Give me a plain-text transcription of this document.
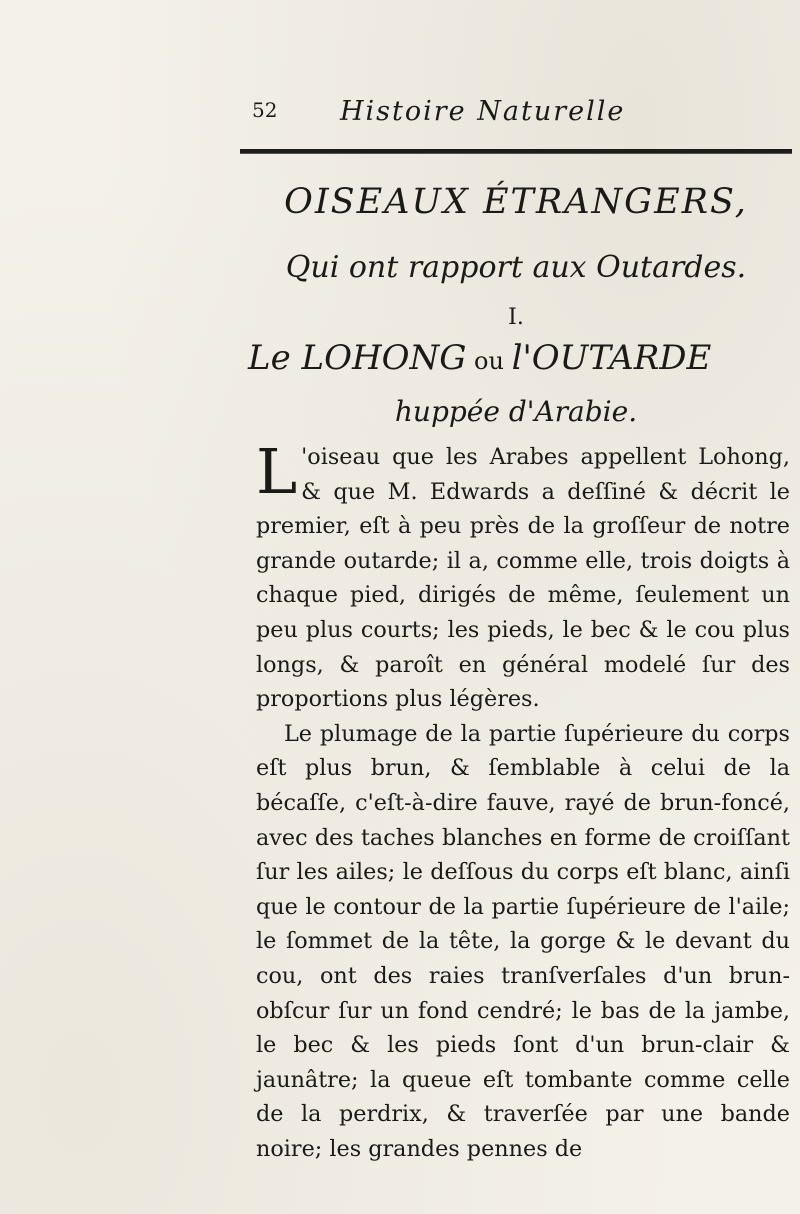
52 Histoire Naturelle
OISEAUX ÉTRANGERS,
Qui ont rapport aux Outardes.
I.
Le LOHONG ou l'OUTARDE
huppée d'Arabie.

L 'oiseau que les Arabes appellent Lohong, & que M. Edwards a deſſiné & décrit le premier, eſt à peu près de la groſſeur de notre grande outarde; il a, comme elle, trois doigts à chaque pied, dirigés de même, ſeulement un peu plus courts; les pieds, le bec & le cou plus longs, & paroît en général modelé ſur des proportions plus légères.

Le plumage de la partie ſupérieure du corps eſt plus brun, & ſemblable à celui de la bécaſſe, c'eſt-à-dire fauve, rayé de brun-foncé, avec des taches blanches en forme de croiſſant ſur les ailes; le deſſous du corps eſt blanc, ainſi que le contour de la partie ſupérieure de l'aile; le ſommet de la tête, la gorge & le devant du cou, ont des raies tranſverſales d'un brun-obſcur ſur un fond cendré; le bas de la jambe, le bec & les pieds ſont d'un brun-clair & jaunâtre; la queue eſt tombante comme celle de la perdrix, & traverſée par une bande noire; les grandes pennes de
